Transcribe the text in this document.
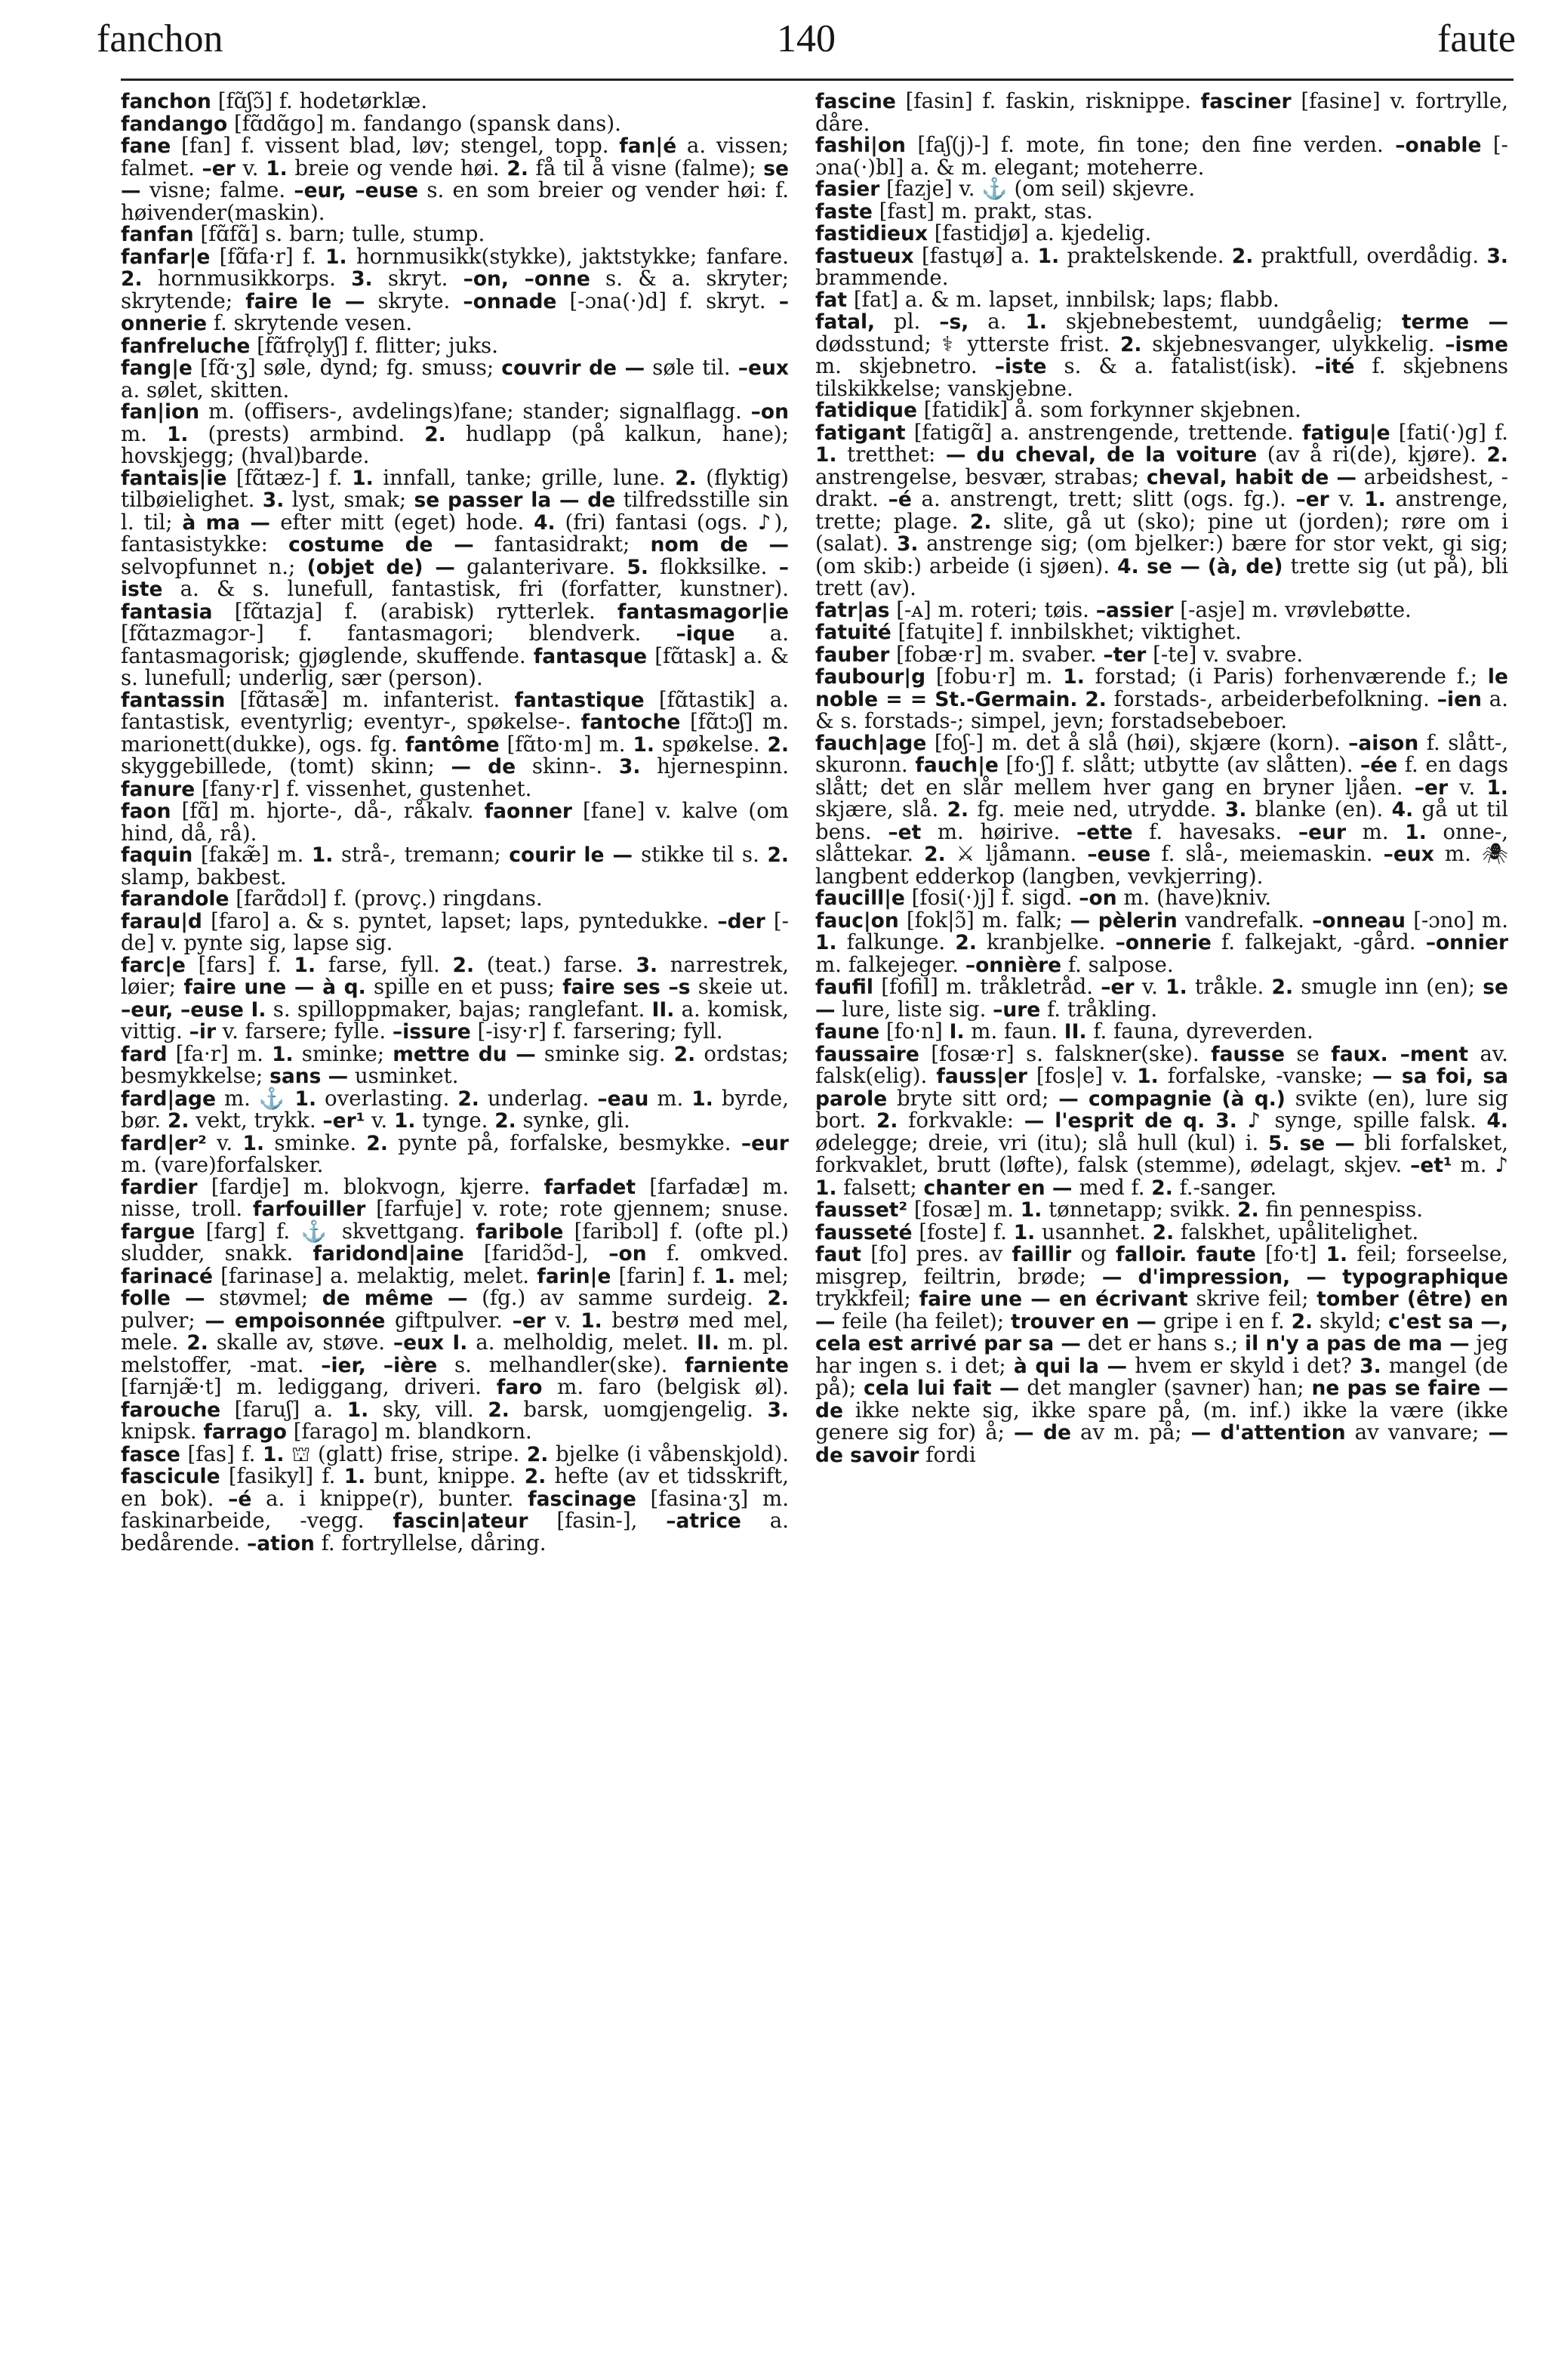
fanchon	140	faute

fanchon [fɑ̃ʃɔ̃] f. hodetørklæ.

fandango [fɑ̃dɑ̃go] m. fandango (spansk dans).

fane [fan] f. vissent blad, løv; stengel, topp. fan|é a. vissen; falmet. –er v. 1. breie og vende høi. 2. få til å visne (falme); se — visne; falme. –eur, –euse s. en som breier og vender høi: f. høivender(maskin).

fanfan [fɑ̃fɑ̃] s. barn; tulle, stump.

fanfar|e [fɑ̃fa·r] f. 1. hornmusikk(stykke), jaktstykke; fanfare. 2. hornmusikkorps. 3. skryt. –on, –onne s. & a. skryter; skrytende; faire le — skryte. –onnade [-ɔna(·)d] f. skryt. –onnerie f. skrytende vesen.

fanfreluche [fɑ̃frǫlyʃ] f. flitter; juks.

fang|e [fɑ̃·ʒ] søle, dynd; fg. smuss; couvrir de — søle til. –eux a. sølet, skitten.

fan|ion m. (offisers-, avdelings)fane; stander; signalflagg. –on m. 1. (prests) armbind. 2. hudlapp (på kalkun, hane); hovskjegg; (hval)barde.

fantais|ie [fɑ̃tæz-] f. 1. innfall, tanke; grille, lune. 2. (flyktig) tilbøielighet. 3. lyst, smak; se passer la — de tilfredsstille sin l. til; à ma — efter mitt (eget) hode. 4. (fri) fantasi (ogs. ♪), fantasistykke: costume de — fantasidrakt; nom de — selvopfunnet n.; (objet de) — galanterivare. 5. flokksilke. –iste a. & s. lunefull, fantastisk, fri (forfatter, kunstner). fantasia [fɑ̃tazja] f. (arabisk) rytterlek. fantasmagor|ie [fɑ̃tazmagɔr-] f. fantasmagori; blendverk. –ique a. fantasmagorisk; gjøglende, skuffende. fantasque [fɑ̃task] a. & s. lunefull; underlig, sær (person).

fantassin [fɑ̃tasæ̃] m. infanterist. fantastique [fɑ̃tastik] a. fantastisk, eventyrlig; eventyr-, spøkelse-. fantoche [fɑ̃tɔʃ] m. marionett(dukke), ogs. fg. fantôme [fɑ̃to·m] m. 1. spøkelse. 2. skyggebillede, (tomt) skinn; — de skinn-. 3. hjernespinn. fanure [fany·r] f. vissenhet, gustenhet.

faon [fɑ̃] m. hjorte-, då-, råkalv. faonner [fane] v. kalve (om hind, då, rå).

faquin [fakæ̃] m. 1. strå-, tremann; courir le — stikke til s. 2. slamp, bakbest.

farandole [farɑ̃dɔl] f. (provç.) ringdans.

farau|d [faro] a. & s. pyntet, lapset; laps, pyntedukke. –der [-de] v. pynte sig, lapse sig.

farc|e [fars] f. 1. farse, fyll. 2. (teat.) farse. 3. narrestrek, løier; faire une — à q. spille en et puss; faire ses –s skeie ut. –eur, –euse I. s. spilloppmaker, bajas; ranglefant. II. a. komisk, vittig. –ir v. farsere; fylle. –issure [-isy·r] f. farsering; fyll.

fard [fa·r] m. 1. sminke; mettre du — sminke sig. 2. ordstas; besmykkelse; sans — usminket.

fard|age m. ⚓ 1. overlasting. 2. underlag. –eau m. 1. byrde, bør. 2. vekt, trykk. –er¹ v. 1. tynge. 2. synke, gli.

fard|er² v. 1. sminke. 2. pynte på, forfalske, besmykke. –eur m. (vare)forfalsker.

fardier [fardje] m. blokvogn, kjerre. farfadet [farfadæ] m. nisse, troll. farfouiller [farfuje] v. rote; rote gjennem; snuse. fargue [farg] f. ⚓ skvettgang. faribole [faribɔl] f. (ofte pl.) sludder, snakk. faridond|aine [faridɔ̃d-], –on f. omkved. farinacé [farinase] a. melaktig, melet. farin|e [farin] f. 1. mel; folle — støvmel; de même — (fg.) av samme surdeig. 2. pulver; — empoisonnée giftpulver. –er v. 1. bestrø med mel, mele. 2. skalle av, støve. –eux I. a. melholdig, melet. II. m. pl. melstoffer, -mat. –ier, –ière s. melhandler(ske). farniente [farnjæ̃·t] m. lediggang, driveri. faro m. faro (belgisk øl). farouche [faruʃ] a. 1. sky, vill. 2. barsk, uomgjengelig. 3. knipsk. farrago [farago] m. blandkorn.

fasce [fas] f. 1. ⛫ (glatt) frise, stripe. 2. bjelke (i våbenskjold). fascicule [fasikyl] f. 1. bunt, knippe. 2. hefte (av et tidsskrift, en bok). –é a. i knippe(r), bunter. fascinage [fasina·ʒ] m. faskinarbeide, -vegg. fascin|ateur [fasin-], –atrice a. bedårende. –ation f. fortryllelse, dåring.

fascine [fasin] f. faskin, risknippe. fasciner [fasine] v. fortrylle, dåre.

fashi|on [faʃ(j)-] f. mote, fin tone; den fine verden. –onable [-ɔna(·)bl] a. & m. elegant; moteherre.

fasier [fazje] v. ⚓ (om seil) skjevre.

faste [fast] m. prakt, stas.

fastidieux [fastidjø] a. kjedelig.

fastueux [fastɥø] a. 1. praktelskende. 2. praktfull, overdådig. 3. brammende.

fat [fat] a. & m. lapset, innbilsk; laps; flabb.

fatal, pl. –s, a. 1. skjebnebestemt, uundgåelig; terme — dødsstund; ⚕ ytterste frist. 2. skjebnesvanger, ulykkelig. –isme m. skjebnetro. –iste s. & a. fatalist(isk). –ité f. skjebnens tilskikkelse; vanskjebne.

fatidique [fatidik] å. som forkynner skjebnen.

fatigant [fatigɑ̃] a. anstrengende, trettende. fatigu|e [fati(·)g] f. 1. tretthet: — du cheval, de la voiture (av å ri(de), kjøre). 2. anstrengelse, besvær, strabas; cheval, habit de — arbeidshest, -drakt. –é a. anstrengt, trett; slitt (ogs. fg.). –er v. 1. anstrenge, trette; plage. 2. slite, gå ut (sko); pine ut (jorden); røre om i (salat). 3. anstrenge sig; (om bjelker:) bære for stor vekt, gi sig; (om skib:) arbeide (i sjøen). 4. se — (à, de) trette sig (ut på), bli trett (av).

fatr|as [-ᴀ] m. roteri; tøis. –assier [-asje] m. vrøvlebøtte.

fatuité [fatɥite] f. innbilskhet; viktighet.

fauber [fobæ·r] m. svaber. –ter [-te] v. svabre.

faubour|g [fobu·r] m. 1. forstad; (i Paris) forhenværende f.; le noble = = St.-Germain. 2. forstads-, arbeiderbefolkning. –ien a. & s. forstads-; simpel, jevn; forstadsebeboer.

fauch|age [foʃ-] m. det å slå (høi), skjære (korn). –aison f. slått-, skuronn. fauch|e [fo·ʃ] f. slått; utbytte (av slåtten). –ée f. en dags slått; det en slår mellem hver gang en bryner ljåen. –er v. 1. skjære, slå. 2. fg. meie ned, utrydde. 3. blanke (en). 4. gå ut til bens. –et m. høirive. –ette f. havesaks. –eur m. 1. onne-, slåttekar. 2. ⚔ ljåmann. –euse f. slå-, meiemaskin. –eux m. 🕷 langbent edderkop (langben, vevkjerring).

faucill|e [fosi(·)j] f. sigd. –on m. (have)kniv.

fauc|on [fok|ɔ̃] m. falk; — pèlerin vandrefalk. –onneau [-ɔno] m. 1. falkunge. 2. kranbjelke. –onnerie f. falkejakt, -gård. –onnier m. falkejeger. –onnière f. salpose.

faufil [fofil] m. tråkletråd. –er v. 1. tråkle. 2. smugle inn (en); se — lure, liste sig. –ure f. tråkling.

faune [fo·n] I. m. faun. II. f. fauna, dyreverden.

faussaire [fosæ·r] s. falskner(ske). fausse se faux. –ment av. falsk(elig). fauss|er [fos|e] v. 1. forfalske, -vanske; — sa foi, sa parole bryte sitt ord; — compagnie (à q.) svikte (en), lure sig bort. 2. forkvakle: — l'esprit de q. 3. ♪ synge, spille falsk. 4. ødelegge; dreie, vri (itu); slå hull (kul) i. 5. se — bli forfalsket, forkvaklet, brutt (løfte), falsk (stemme), ødelagt, skjev. –et¹ m. ♪ 1. falsett; chanter en — med f. 2. f.-sanger.

fausset² [fosæ] m. 1. tønnetapp; svikk. 2. fin pennespiss.

fausseté [foste] f. 1. usannhet. 2. falskhet, upålitelighet.

faut [fo] pres. av faillir og falloir. faute [fo·t] 1. feil; forseelse, misgrep, feiltrin, brøde; — d'impression, — typographique trykkfeil; faire une — en écrivant skrive feil; tomber (être) en — feile (ha feilet); trouver en — gripe i en f. 2. skyld; c'est sa —, cela est arrivé par sa — det er hans s.; il n'y a pas de ma — jeg har ingen s. i det; à qui la — hvem er skyld i det? 3. mangel (de på); cela lui fait — det mangler (savner) han; ne pas se faire — de ikke nekte sig, ikke spare på, (m. inf.) ikke la være (ikke genere sig for) å; — de av m. på; — d'attention av vanvare; — de savoir fordi
